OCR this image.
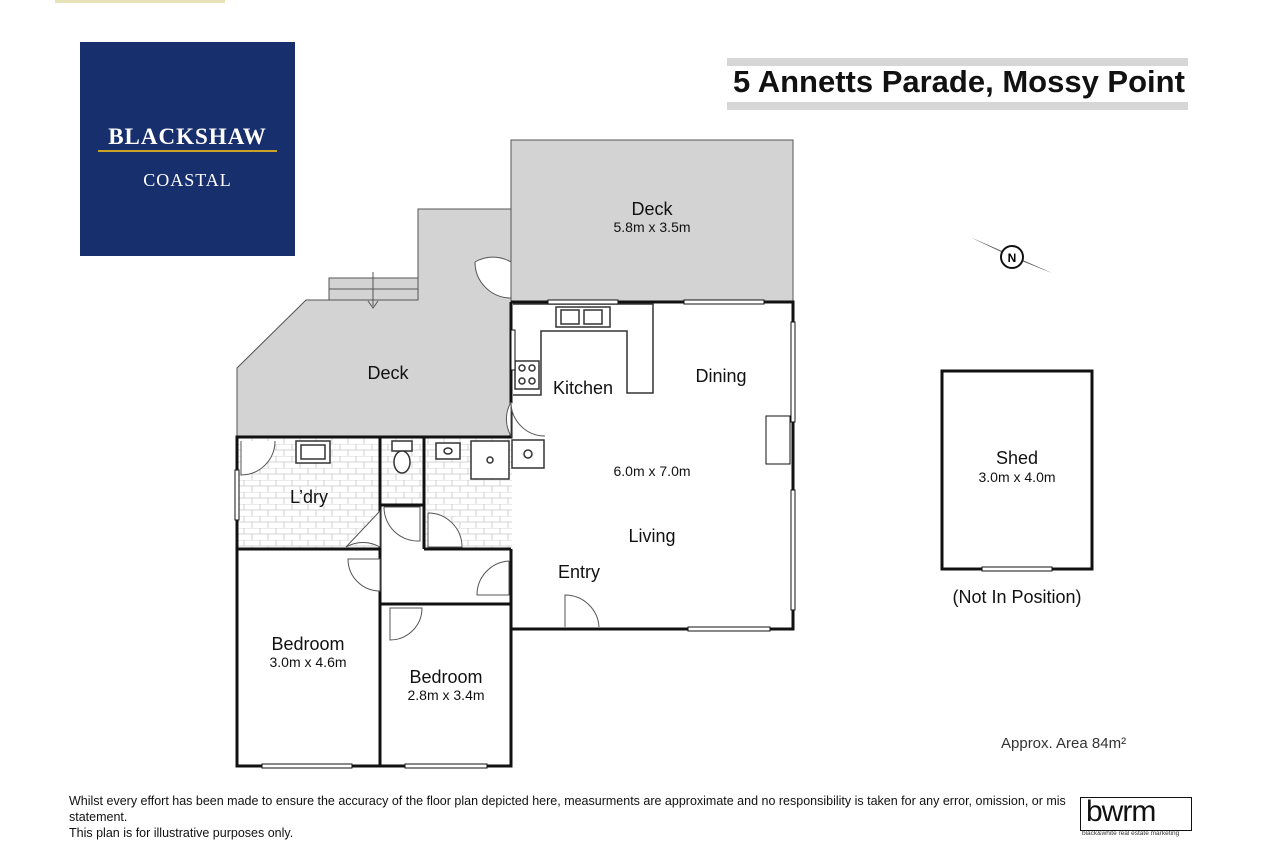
BLACKSHAW
COASTAL
5 Annetts Parade, Mossy Point
N
Deck
5.8m x 3.5m
Deck
Kitchen
Dining
6.0m x 7.0m
Living
Entry
L’dry
Bedroom
3.0m x 4.6m
Bedroom
2.8m x 3.4m
Shed
3.0m x 4.0m
(Not In Position)
Approx. Area 84m²
Whilst every effort has been made to ensure the accuracy of the floor plan depicted here, measurments are approximate and no responsibility is taken for any error, omission, or mis statement.
This plan is for illustrative purposes only.
bwrm
black&white real estate marketing
